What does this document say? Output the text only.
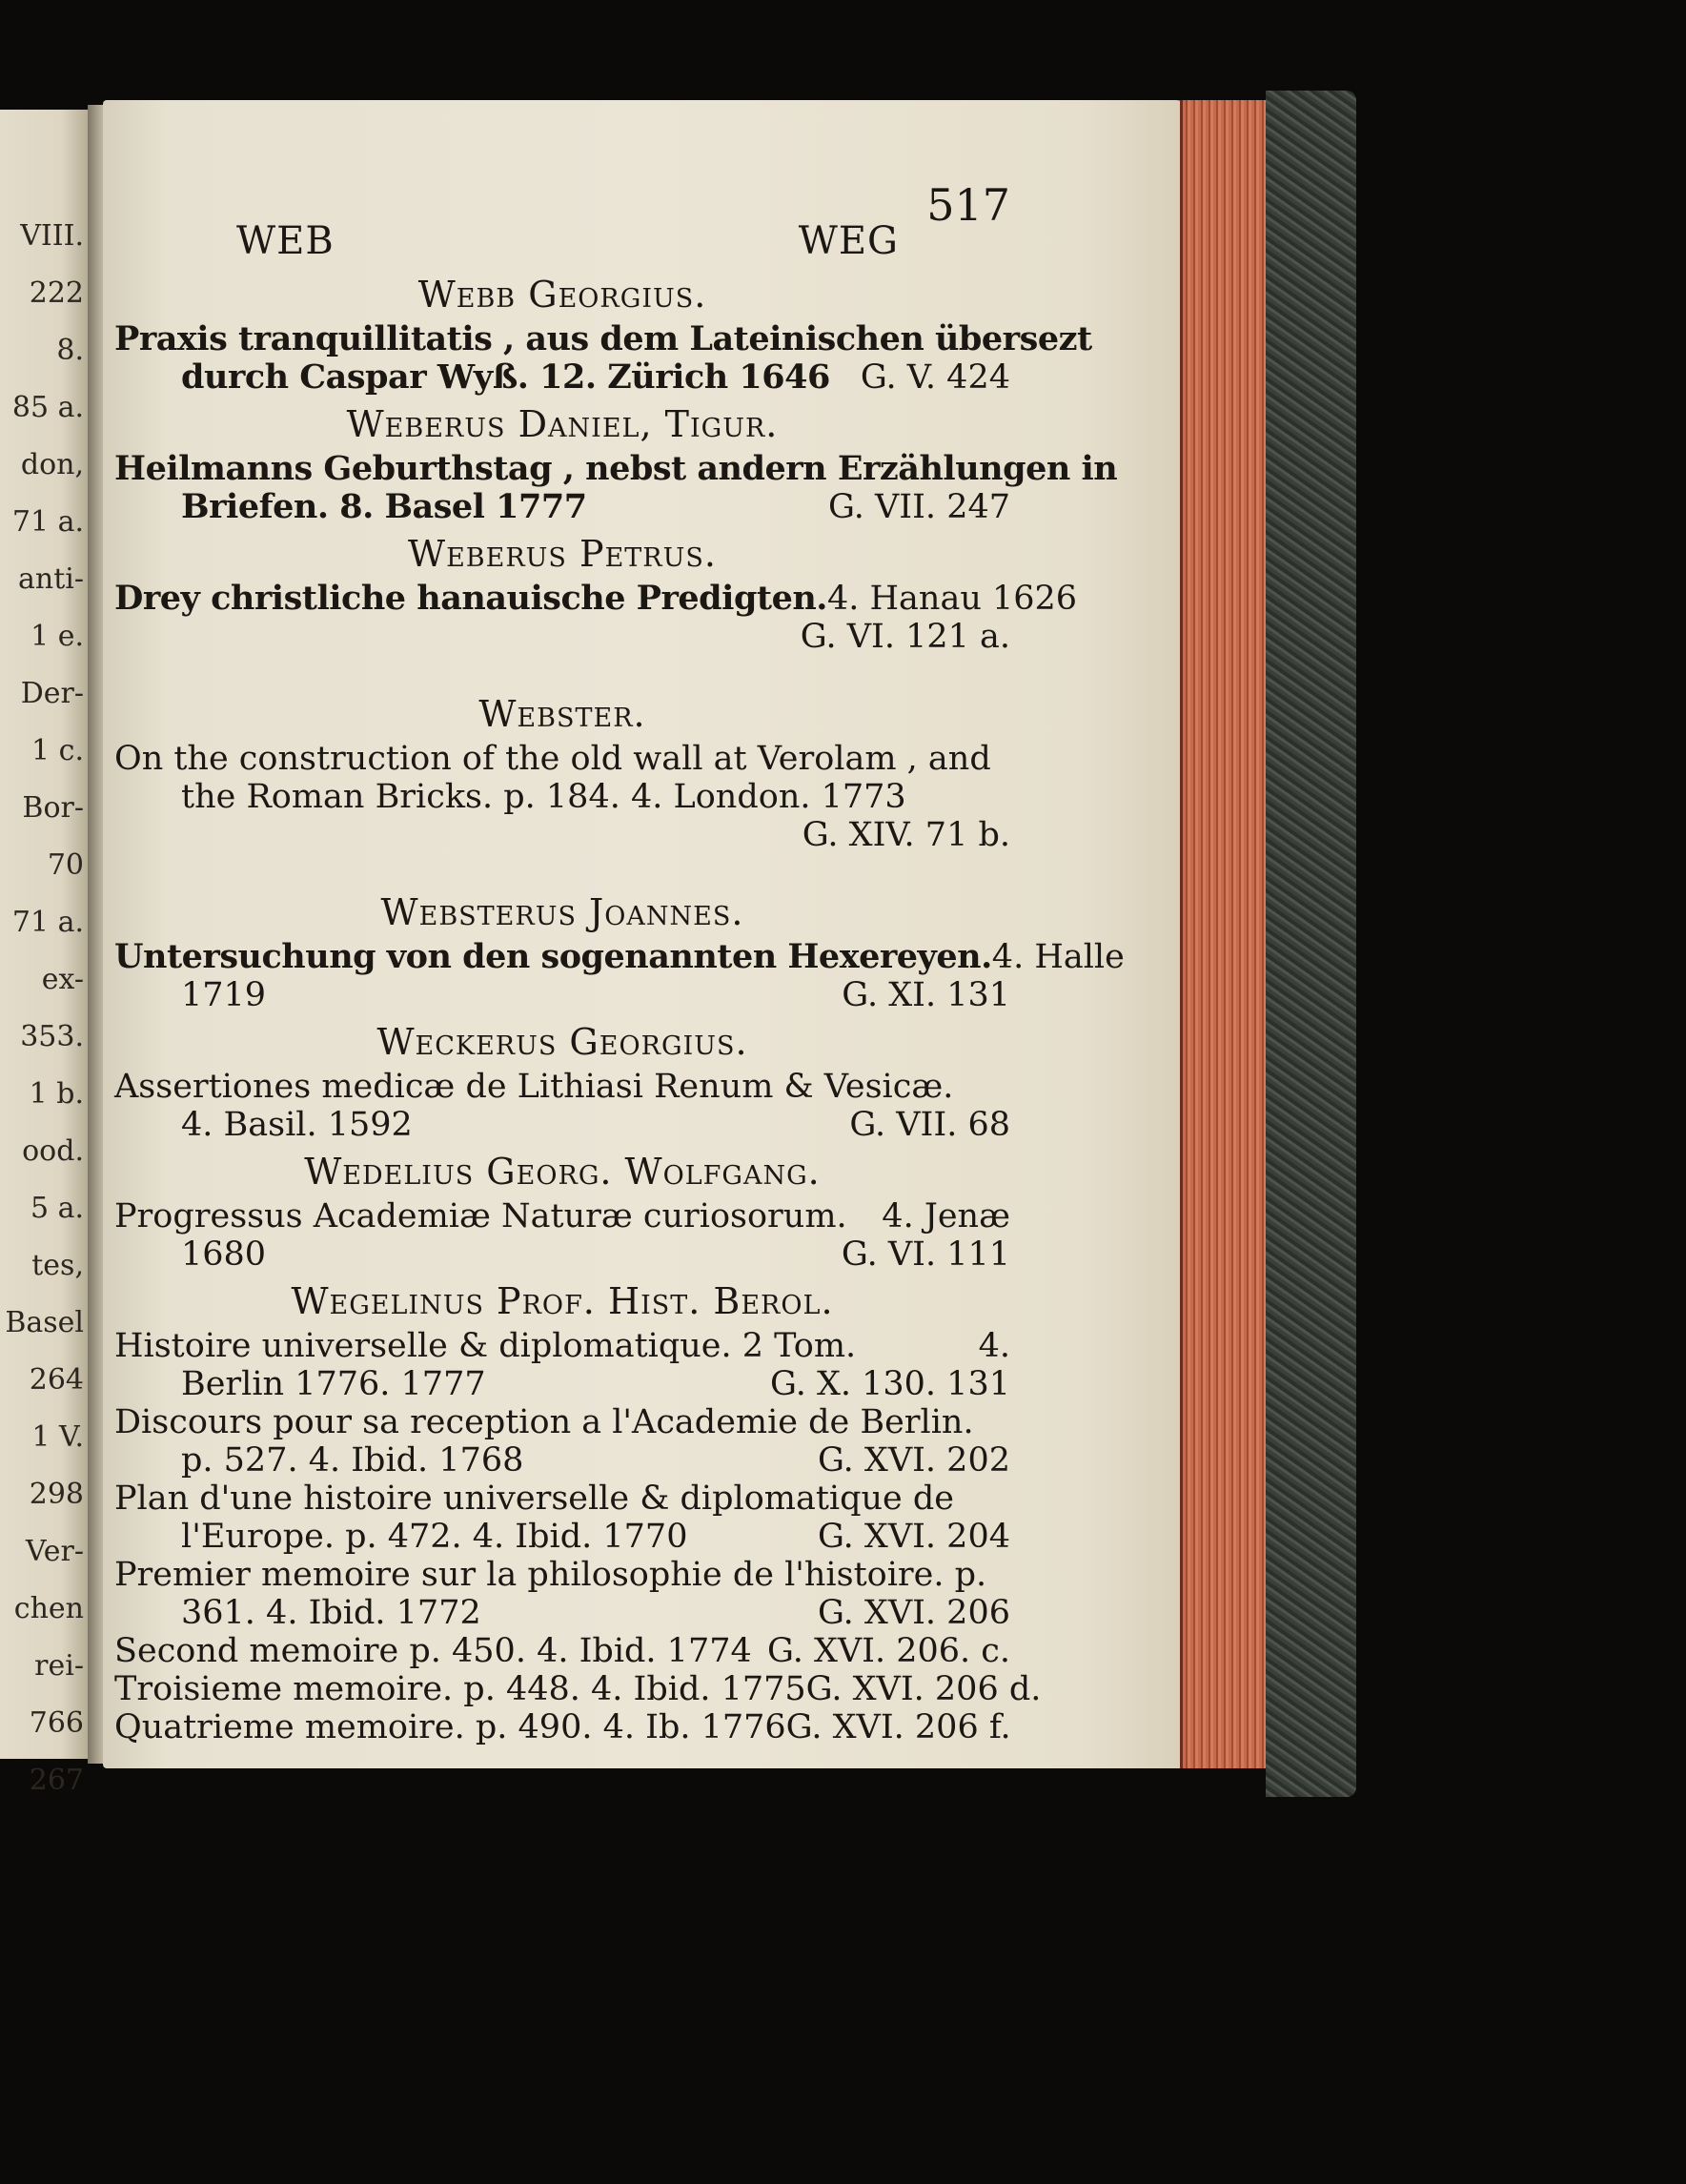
VIII.
222
8.
85 a.
don,
71 a.
anti-
1 e.
Der-
1 c.
Bor-
70
71 a.
ex-
353.
1 b.
ood.
5 a.
tes,
Basel
264
1 V.
298
Ver-
chen
rei-
766
267
517
WEB	WEG
Webb Georgius.
Praxis tranquillitatis , aus dem Lateinischen übersezt
durch Caspar Wyß. 12. Zürich 1646 G. V. 424
Weberus Daniel, Tigur.
Heilmanns Geburthstag , nebst andern Erzählungen in
Briefen. 8. Basel 1777	G. VII. 247
Weberus Petrus.
Drey christliche hanauische Predigten. 4. Hanau 1626
G. VI. 121 a.
Webster.
On the construction of the old wall at Verolam , and
the Roman Bricks. p. 184. 4. London. 1773
G. XIV. 71 b.
Websterus Joannes.
Untersuchung von den sogenannten Hexereyen. 4. Halle
1719	G. XI. 131
Weckerus Georgius.
Assertiones medicæ de Lithiasi Renum & Vesicæ.
4. Basil. 1592	G. VII. 68
Wedelius Georg. Wolfgang.
Progressus Academiæ Naturæ curiosorum. 4. Jenæ
1680	G. VI. 111
Wegelinus Prof. Hist. Berol.
Histoire universelle & diplomatique. 2 Tom.	4.
Berlin 1776. 1777	G. X. 130. 131
Discours pour sa reception a l'Academie de Berlin.
p. 527. 4. Ibid. 1768	G. XVI. 202
Plan d'une histoire universelle & diplomatique de
l'Europe. p. 472. 4. Ibid. 1770	G. XVI. 204
Premier memoire sur la philosophie de l'histoire. p.
361. 4. Ibid. 1772	G. XVI. 206
Second memoire p. 450. 4. Ibid. 1774 G. XVI. 206. c.
Troisieme memoire. p. 448. 4. Ibid. 1775 G. XVI. 206 d.
Quatrieme memoire. p. 490. 4. Ib. 1776 G. XVI. 206 f.
